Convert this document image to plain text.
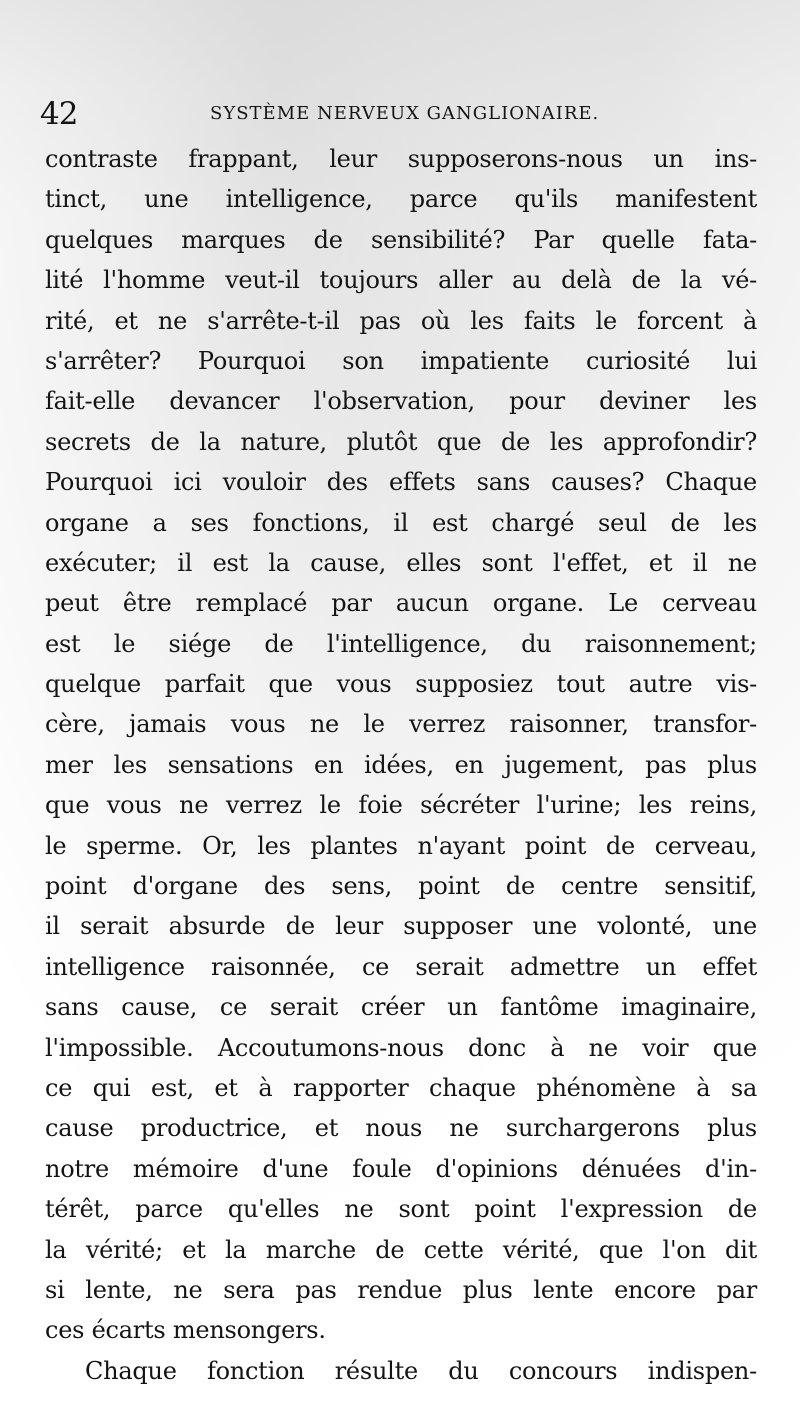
42	SYSTÈME NERVEUX GANGLIONAIRE.
contraste frappant, leur supposerons-nous un ins-
tinct, une intelligence, parce qu'ils manifestent
quelques marques de sensibilité? Par quelle fata-
lité l'homme veut-il toujours aller au delà de la vé-
rité, et ne s'arrête-t-il pas où les faits le forcent à
s'arrêter? Pourquoi son impatiente curiosité lui
fait-elle devancer l'observation, pour deviner les
secrets de la nature, plutôt que de les approfondir?
Pourquoi ici vouloir des effets sans causes? Chaque
organe a ses fonctions, il est chargé seul de les
exécuter; il est la cause, elles sont l'effet, et il ne
peut être remplacé par aucun organe. Le cerveau
est le siége de l'intelligence, du raisonnement;
quelque parfait que vous supposiez tout autre vis-
cère, jamais vous ne le verrez raisonner, transfor-
mer les sensations en idées, en jugement, pas plus
que vous ne verrez le foie sécréter l'urine; les reins,
le sperme. Or, les plantes n'ayant point de cerveau,
point d'organe des sens, point de centre sensitif,
il serait absurde de leur supposer une volonté, une
intelligence raisonnée, ce serait admettre un effet
sans cause, ce serait créer un fantôme imaginaire,
l'impossible. Accoutumons-nous donc à ne voir que
ce qui est, et à rapporter chaque phénomène à sa
cause productrice, et nous ne surchargerons plus
notre mémoire d'une foule d'opinions dénuées d'in-
térêt, parce qu'elles ne sont point l'expression de
la vérité; et la marche de cette vérité, que l'on dit
si lente, ne sera pas rendue plus lente encore par
ces écarts mensongers.
Chaque fonction résulte du concours indispen-
